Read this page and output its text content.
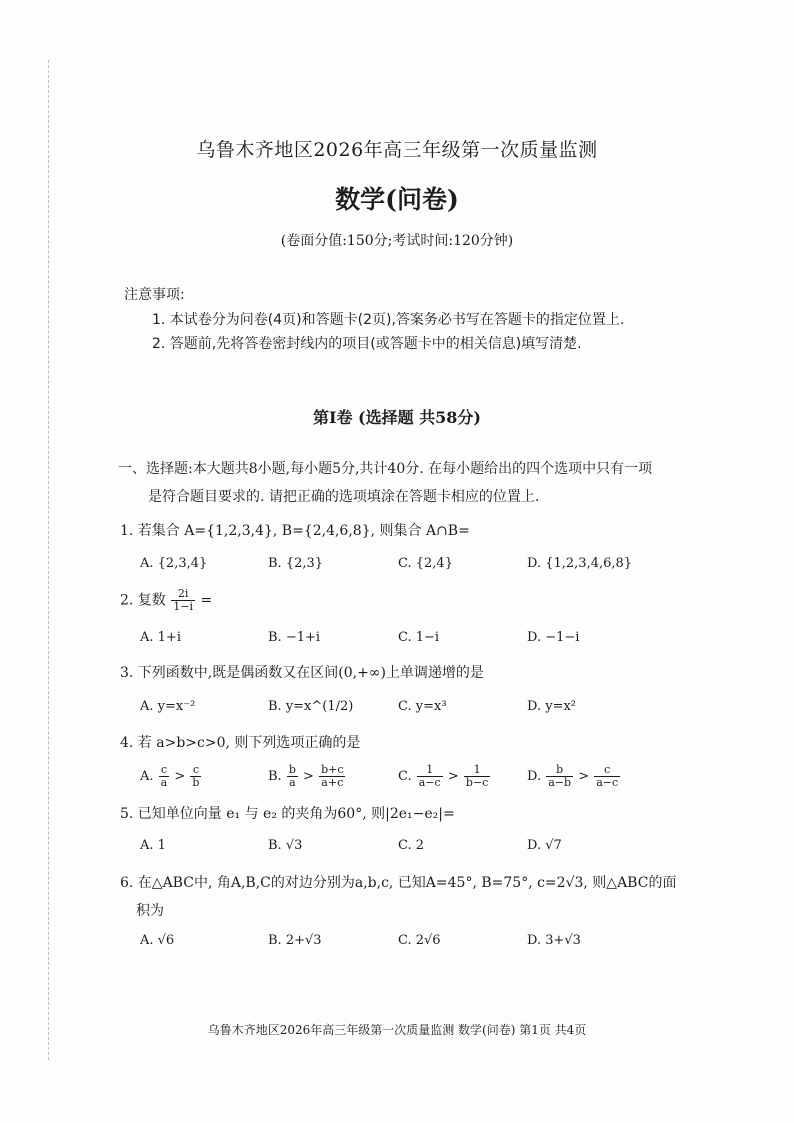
乌鲁木齐地区2026年高三年级第一次质量监测
数学(问卷)
(卷面分值:150分;考试时间:120分钟)
注意事项:
1. 本试卷分为问卷(4页)和答题卡(2页),答案务必书写在答题卡的指定位置上.
2. 答题前,先将答卷密封线内的项目(或答题卡中的相关信息)填写清楚.
第Ⅰ卷 (选择题 共58分)
一、选择题:本大题共8小题,每小题5分,共计40分. 在每小题给出的四个选项中只有一项
是符合题目要求的. 请把正确的选项填涂在答题卡相应的位置上.
1. 若集合 A={1,2,3,4}, B={2,4,6,8}, 则集合 A∩B=
A. {2,3,4}	B. {2,3}	C. {2,4}	D. {1,2,3,4,6,8}
2. 复数 $\frac{2i}{1-i}$ =
A. 1+i	B. −1+i	C. 1−i	D. −1−i
3. 下列函数中,既是偶函数又在区间(0,+∞)上单调递增的是
A. y=x⁻²	B. y=x^(1/2)	C. y=x³	D. y=x²
4. 若 a>b>c>0, 则下列选项正确的是
A. $\frac{c}{a} > \frac{c}{b}$	B. $\frac{b}{a} > \frac{b+c}{a+c}$	C. $\frac{1}{a-c} > \frac{1}{b-c}$	D. $\frac{b}{a-b} > \frac{c}{a-c}$
5. 已知单位向量 e₁ 与 e₂ 的夹角为60°, 则|2e₁−e₂|=
A. 1	B. √3	C. 2	D. √7
6. 在△ABC中, 角A,B,C的对边分别为a,b,c, 已知A=45°, B=75°, c=2√3, 则△ABC的面
积为
A. √6	B. 2+√3	C. 2√6	D. 3+√3
乌鲁木齐地区2026年高三年级第一次质量监测 数学(问卷) 第1页 共4页
